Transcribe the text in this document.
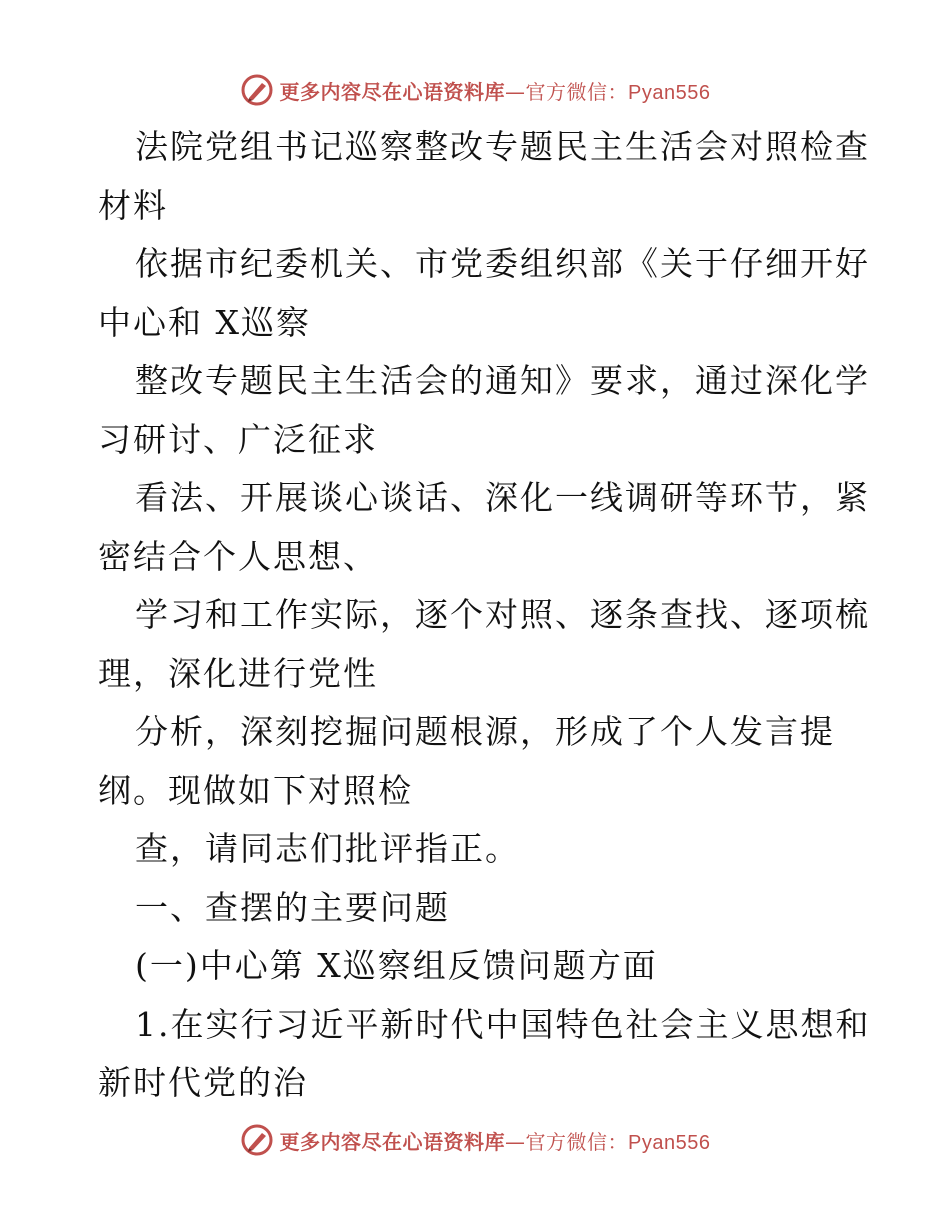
更多内容尽在心语资料库—官方微信：Pyan556
法院党组书记巡察整改专题民主生活会对照检查
材料
依据市纪委机关、市党委组织部《关于仔细开好
中心和 X巡察
整改专题民主生活会的通知》要求，通过深化学
习研讨、广泛征求
看法、开展谈心谈话、深化一线调研等环节，紧
密结合个人思想、
学习和工作实际，逐个对照、逐条查找、逐项梳
理，深化进行党性
分析，深刻挖掘问题根源，形成了个人发言提
纲。现做如下对照检
查，请同志们批评指正。
一、查摆的主要问题
(一)中心第 X巡察组反馈问题方面
1.在实行习近平新时代中国特色社会主义思想和
新时代党的治
更多内容尽在心语资料库—官方微信：Pyan556
